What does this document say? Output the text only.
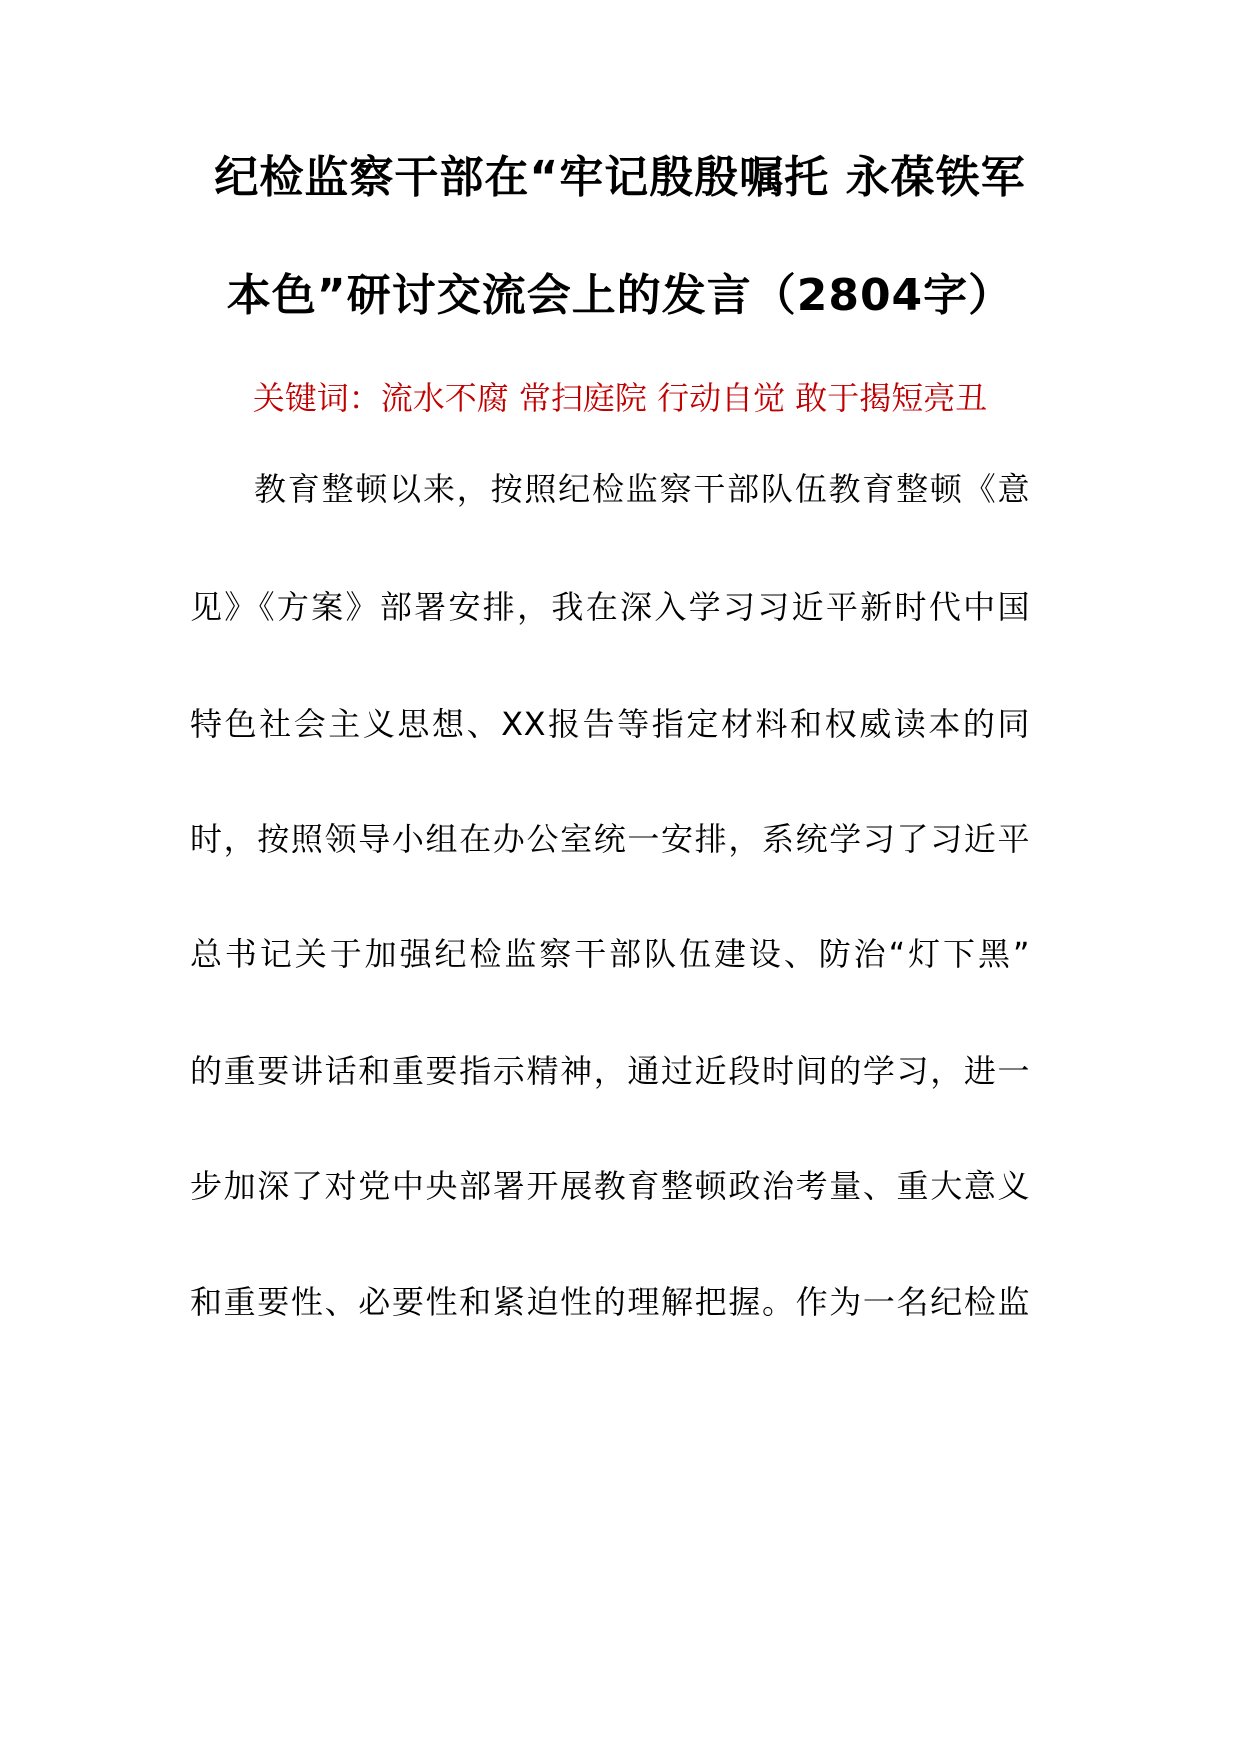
纪检监察干部在“牢记殷殷嘱托 永葆铁军
本色”研讨交流会上的发言（2804字）
关键词：流水不腐 常扫庭院 行动自觉 敢于揭短亮丑
教育整顿以来，按照纪检监察干部队伍教育整顿《意
见》《方案》部署安排，我在深入学习习近平新时代中国
特色社会主义思想、XX报告等指定材料和权威读本的同
时，按照领导小组在办公室统一安排，系统学习了习近平
总书记关于加强纪检监察干部队伍建设、防治“灯下黑”
的重要讲话和重要指示精神，通过近段时间的学习，进一
步加深了对党中央部署开展教育整顿政治考量、重大意义
和重要性、必要性和紧迫性的理解把握。作为一名纪检监
